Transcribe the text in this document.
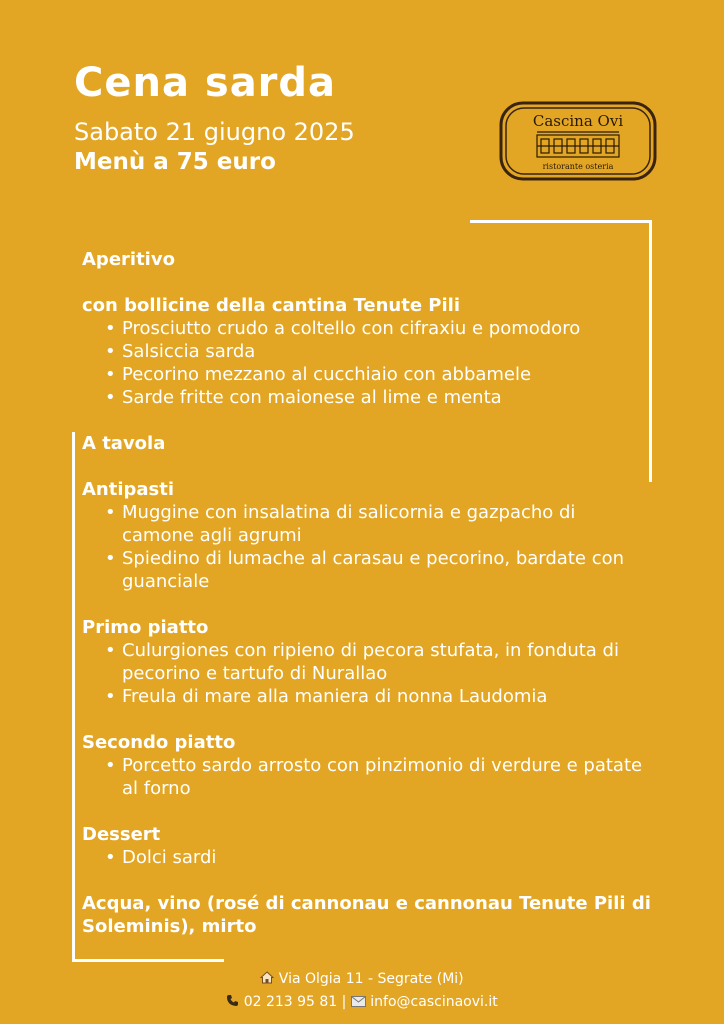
Cena sarda
Sabato 21 giugno 2025
Menù a 75 euro
Cascina Ovi
ristorante osteria

Aperitivo

con bollicine della cantina Tenute Pili

• Prosciutto crudo a coltello con cifraxiu e pomodoro
• Salsiccia sarda
• Pecorino mezzano al cucchiaio con abbamele
• Sarde fritte con maionese al lime e menta

A tavola

Antipasti

• Muggine con insalatina di salicornia e gazpacho di camone agli agrumi
• Spiedino di lumache al carasau e pecorino, bardate con guanciale

Primo piatto

• Culurgiones con ripieno di pecora stufata, in fonduta di pecorino e tartufo di Nurallao
• Freula di mare alla maniera di nonna Laudomia

Secondo piatto

• Porcetto sardo arrosto con pinzimonio di verdure e patate al forno

Dessert

• Dolci sardi

Acqua, vino (rosé di cannonau e cannonau Tenute Pili di Soleminis), mirto

Via Olgia 11 - Segrate (Mi)
02 213 95 81 | info@cascinaovi.it
